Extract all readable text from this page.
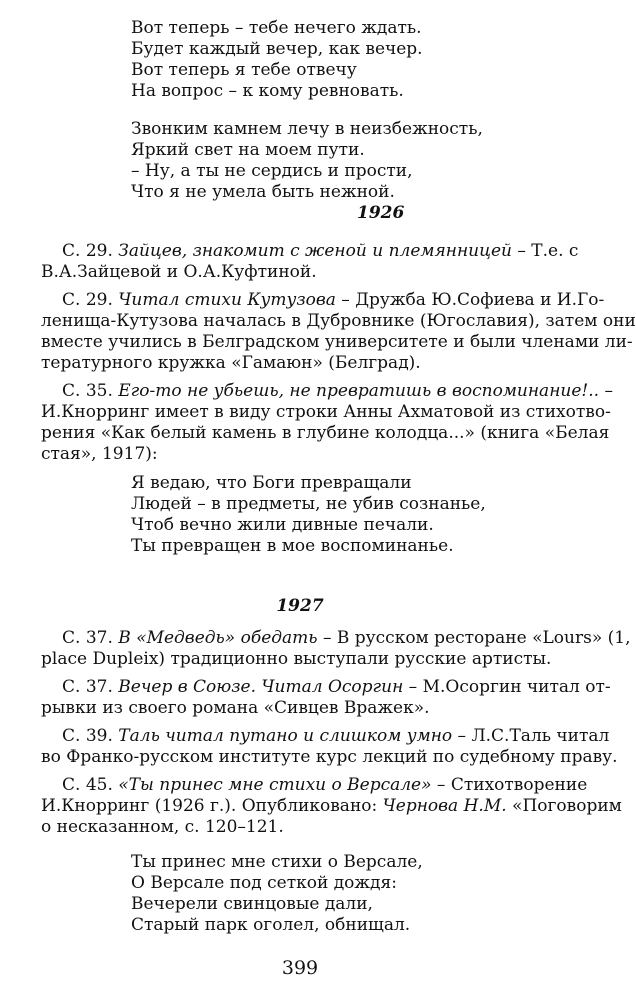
Вот теперь – тебе нечего ждать.
Будет каждый вечер, как вечер.
Вот теперь я тебе отвечу
На вопрос – к кому ревновать.
Звонким камнем лечу в неизбежность,
Яркий свет на моем пути.
– Ну, а ты не сердись и прости,
Что я не умела быть нежной.
1926
С. 29. Зайцев, знакомит с женой и племянницей – Т.е. с
В.А.Зайцевой и О.А.Куфтиной.
С. 29. Читал стихи Кутузова – Дружба Ю.Софиева и И.Го-
ленища-Кутузова началась в Дубровнике (Югославия), затем они
вместе учились в Белградском университете и были членами ли-
тературного кружка «Гамаюн» (Белград).
С. 35. Его-то не убьешь, не превратишь в воспоминание!.. –
И.Кнорринг имеет в виду строки Анны Ахматовой из стихотво-
рения «Как белый камень в глубине колодца...» (книга «Белая
стая», 1917):
Я ведаю, что Боги превращали
Людей – в предметы, не убив сознанье,
Чтоб вечно жили дивные печали.
Ты превращен в мое воспоминанье.
1927
С. 37. В «Медведь» обедать – В русском ресторане «Lours» (1,
place Dupleix) традиционно выступали русские артисты.
С. 37. Вечер в Союзе. Читал Осоргин – М.Осоргин читал от-
рывки из своего романа «Сивцев Вражек».
С. 39. Таль читал путано и слишком умно – Л.С.Таль читал
во Франко-русском институте курс лекций по судебному праву.
С. 45. «Ты принес мне стихи о Версале» – Стихотворение
И.Кнорринг (1926 г.). Опубликовано: Чернова Н.М. «Поговорим
о несказанном, с. 120–121.
Ты принес мне стихи о Версале,
О Версале под сеткой дождя:
Вечерели свинцовые дали,
Старый парк оголел, обнищал.
399
